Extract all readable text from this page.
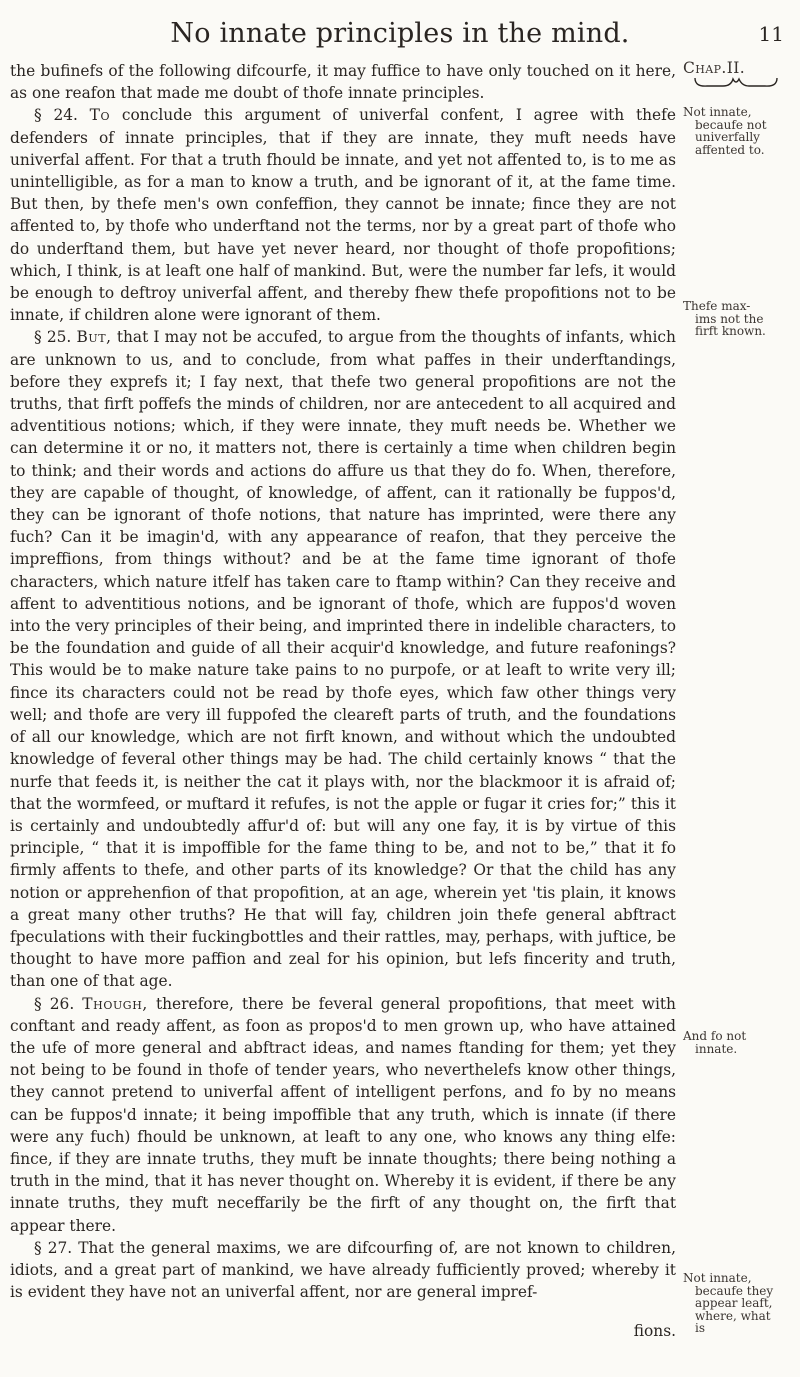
No innate principles in the mind.	11

the bufinefs of the following difcourfe, it may fuffice to have only touched on it here, as one reafon that made me doubt of thofe innate principles.

§ 24. To conclude this argument of univerfal confent, I agree with thefe defenders of innate principles, that if they are innate, they muft needs have univerfal affent. For that a truth fhould be innate, and yet not affented to, is to me as unintelligible, as for a man to know a truth, and be ignorant of it, at the fame time. But then, by thefe men's own confeffion, they cannot be innate; fince they are not affented to, by thofe who underftand not the terms, nor by a great part of thofe who do underftand them, but have yet never heard, nor thought of thofe propofitions; which, I think, is at leaft one half of mankind. But, were the number far lefs, it would be enough to deftroy univerfal affent, and thereby fhew thefe propofitions not to be innate, if children alone were ignorant of them.

§ 25. But, that I may not be accufed, to argue from the thoughts of infants, which are unknown to us, and to conclude, from what paffes in their underftandings, before they exprefs it; I fay next, that thefe two general propofitions are not the truths, that firft poffefs the minds of children, nor are antecedent to all acquired and adventitious notions; which, if they were innate, they muft needs be. Whether we can determine it or no, it matters not, there is certainly a time when children begin to think; and their words and actions do affure us that they do fo. When, therefore, they are capable of thought, of knowledge, of affent, can it rationally be fuppos'd, they can be ignorant of thofe notions, that nature has imprinted, were there any fuch? Can it be imagin'd, with any appearance of reafon, that they perceive the impreffions, from things without? and be at the fame time ignorant of thofe characters, which nature itfelf has taken care to ftamp within? Can they receive and affent to adventitious notions, and be ignorant of thofe, which are fuppos'd woven into the very principles of their being, and imprinted there in indelible characters, to be the foundation and guide of all their acquir'd knowledge, and future reafonings? This would be to make nature take pains to no purpofe, or at leaft to write very ill; fince its characters could not be read by thofe eyes, which faw other things very well; and thofe are very ill fuppofed the cleareft parts of truth, and the foundations of all our knowledge, which are not firft known, and without which the undoubted knowledge of feveral other things may be had. The child certainly knows “ that the nurfe that feeds it, is neither the cat it plays with, nor the blackmoor it is afraid of; that the wormfeed, or muftard it refufes, is not the apple or fugar it cries for;” this it is certainly and undoubtedly affur'd of: but will any one fay, it is by virtue of this principle, “ that it is impoffible for the fame thing to be, and not to be,” that it fo firmly affents to thefe, and other parts of its knowledge? Or that the child has any notion or apprehenfion of that propofition, at an age, wherein yet 'tis plain, it knows a great many other truths? He that will fay, children join thefe general abftract fpeculations with their fuckingbottles and their rattles, may, perhaps, with juftice, be thought to have more paffion and zeal for his opinion, but lefs fincerity and truth, than one of that age.

§ 26. Though, therefore, there be feveral general propofitions, that meet with conftant and ready affent, as foon as propos'd to men grown up, who have attained the ufe of more general and abftract ideas, and names ftanding for them; yet they not being to be found in thofe of tender years, who neverthelefs know other things, they cannot pretend to univerfal affent of intelligent perfons, and fo by no means can be fuppos'd innate; it being impoffible that any truth, which is innate (if there were any fuch) fhould be unknown, at leaft to any one, who knows any thing elfe: fince, if they are innate truths, they muft be innate thoughts; there being nothing a truth in the mind, that it has never thought on. Whereby it is evident, if there be any innate truths, they muft neceffarily be the firft of any thought on, the firft that appear there.

§ 27. That the general maxims, we are difcourfing of, are not known to children, idiots, and a great part of mankind, we have already fufficiently proved; whereby it is evident they have not an univerfal affent, nor are general impref-

fions.
Chap.II.
Not innate,

becaufe not
univerfally
affented to.
Thefe max-

ims not the
firft known.
And fo not

innate.
Not innate,

becaufe they
appear leaft,
where, what
is
